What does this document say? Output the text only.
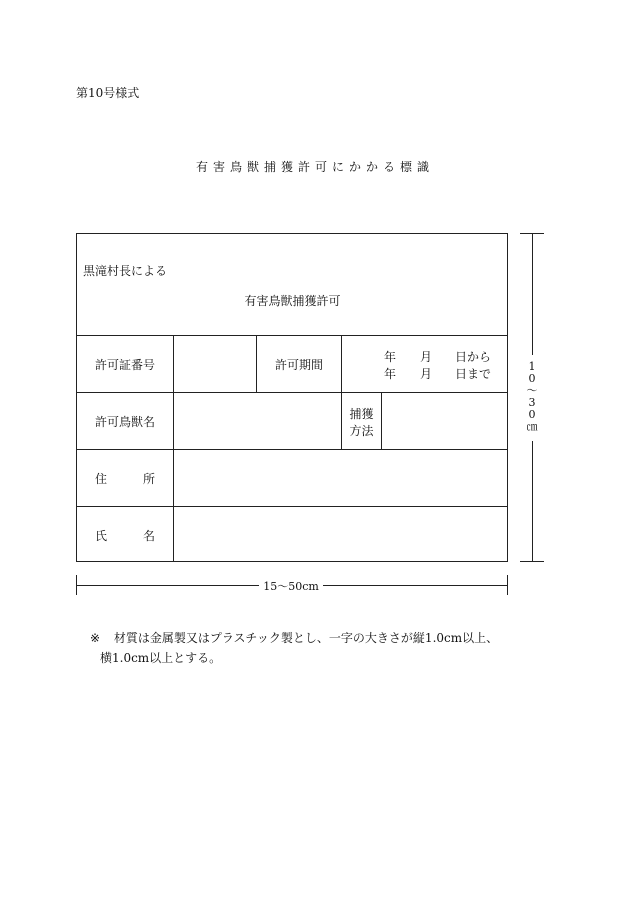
第10号様式
有害鳥獣捕獲許可にかかる標識
黒滝村長による
有害鳥獣捕獲許可
許可証番号	許可期間
年 月 日から
年 月 日まで
許可鳥獣名
捕獲
方法
住　　　所
氏　　　名
15〜50cm
1
0
〜
3
0
㎝
※ 材質は金属製又はプラスチック製とし、一字の大きさが縦1.0cm以上、
横1.0cm以上とする。
